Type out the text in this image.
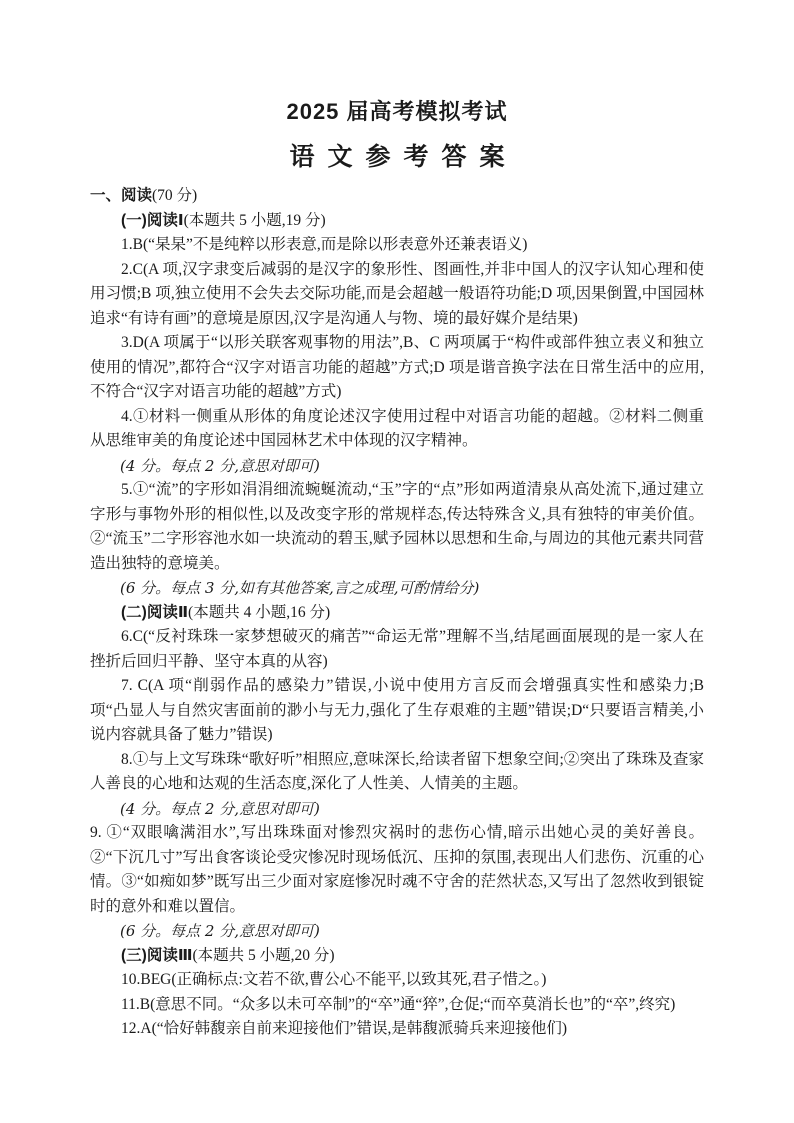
2025 届高考模拟考试
语文参考答案

一、阅读(70 分)

(一)阅读Ⅰ(本题共 5 小题,19 分)

1.B(“杲杲”不是纯粹以形表意,而是除以形表意外还兼表语义)

2.C(A 项,汉字隶变后减弱的是汉字的象形性、图画性,并非中国人的汉字认知心理和使用习惯;B 项,独立使用不会失去交际功能,而是会超越一般语符功能;D 项,因果倒置,中国园林追求“有诗有画”的意境是原因,汉字是沟通人与物、境的最好媒介是结果)

3.D(A 项属于“以形关联客观事物的用法”,B、C 两项属于“构件或部件独立表义和独立使用的情况”,都符合“汉字对语言功能的超越”方式;D 项是谐音换字法在日常生活中的应用,不符合“汉字对语言功能的超越”方式)

4.①材料一侧重从形体的角度论述汉字使用过程中对语言功能的超越。②材料二侧重从思维审美的角度论述中国园林艺术中体现的汉字精神。

(4 分。每点 2 分,意思对即可)

5.①“流”的字形如涓涓细流蜿蜒流动,“玉”字的“点”形如两道清泉从高处流下,通过建立字形与事物外形的相似性,以及改变字形的常规样态,传达特殊含义,具有独特的审美价值。②“流玉”二字形容池水如一块流动的碧玉,赋予园林以思想和生命,与周边的其他元素共同营造出独特的意境美。

(6 分。每点 3 分,如有其他答案,言之成理,可酌情给分)

(二)阅读Ⅱ(本题共 4 小题,16 分)

6.C(“反衬珠珠一家梦想破灭的痛苦”“命运无常”理解不当,结尾画面展现的是一家人在挫折后回归平静、坚守本真的从容)

7. C(A 项“削弱作品的感染力”错误,小说中使用方言反而会增强真实性和感染力;B 项“凸显人与自然灾害面前的渺小与无力,强化了生存艰难的主题”错误;D“只要语言精美,小说内容就具备了魅力”错误)

8.①与上文写珠珠“歌好听”相照应,意味深长,给读者留下想象空间;②突出了珠珠及查家人善良的心地和达观的生活态度,深化了人性美、人情美的主题。

(4 分。每点 2 分,意思对即可)

9. ①“双眼噙满泪水”,写出珠珠面对惨烈灾祸时的悲伤心情,暗示出她心灵的美好善良。②“下沉几寸”写出食客谈论受灾惨况时现场低沉、压抑的氛围,表现出人们悲伤、沉重的心情。③“如痴如梦”既写出三少面对家庭惨况时魂不守舍的茫然状态,又写出了忽然收到银锭时的意外和难以置信。

(6 分。每点 2 分,意思对即可)

(三)阅读Ⅲ(本题共 5 小题,20 分)

10.BEG(正确标点:文若不欲,曹公心不能平,以致其死,君子惜之。)

11.B(意思不同。“众多以未可卒制”的“卒”通“猝”,仓促;“而卒莫消长也”的“卒”,终究)

12.A(“恰好韩馥亲自前来迎接他们”错误,是韩馥派骑兵来迎接他们)
